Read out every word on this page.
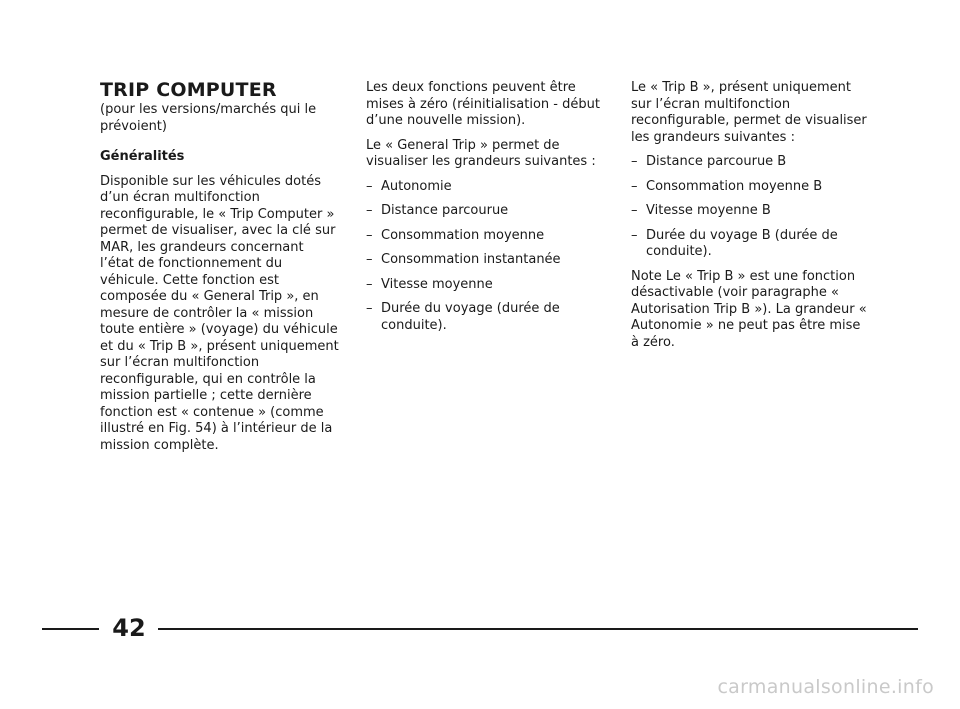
TRIP COMPUTER
(pour les versions/marchés qui le prévoient)
Généralités

Disponible sur les véhicules dotés d’un écran multifonction reconfigurable, le « Trip Computer » permet de visualiser, avec la clé sur MAR, les grandeurs concernant l’état de fonctionnement du véhicule. Cette fonction est composée du « General Trip », en mesure de contrôler la « mission toute entière » (voyage) du véhicule et du « Trip B », présent uniquement sur l’écran multifonction reconfigurable, qui en contrôle la mission partielle ; cette dernière fonction est « contenue » (comme illustré en Fig. 54) à l’intérieur de la mission complète.

Les deux fonctions peuvent être mises à zéro (réinitialisation - début d’une nouvelle mission).

Le « General Trip » permet de visualiser les grandeurs suivantes :

– Autonomie
– Distance parcourue
– Consommation moyenne
– Consommation instantanée
– Vitesse moyenne
– Durée du voyage (durée de conduite).

Le « Trip B », présent uniquement sur l’écran multifonction reconfigurable, permet de visualiser les grandeurs suivantes :

– Distance parcourue B
– Consommation moyenne B
– Vitesse moyenne B
– Durée du voyage B (durée de conduite).

Note Le « Trip B » est une fonction désactivable (voir paragraphe « Autorisation Trip B »). La grandeur « Autonomie » ne peut pas être mise à zéro.

42
carmanualsonline.info
